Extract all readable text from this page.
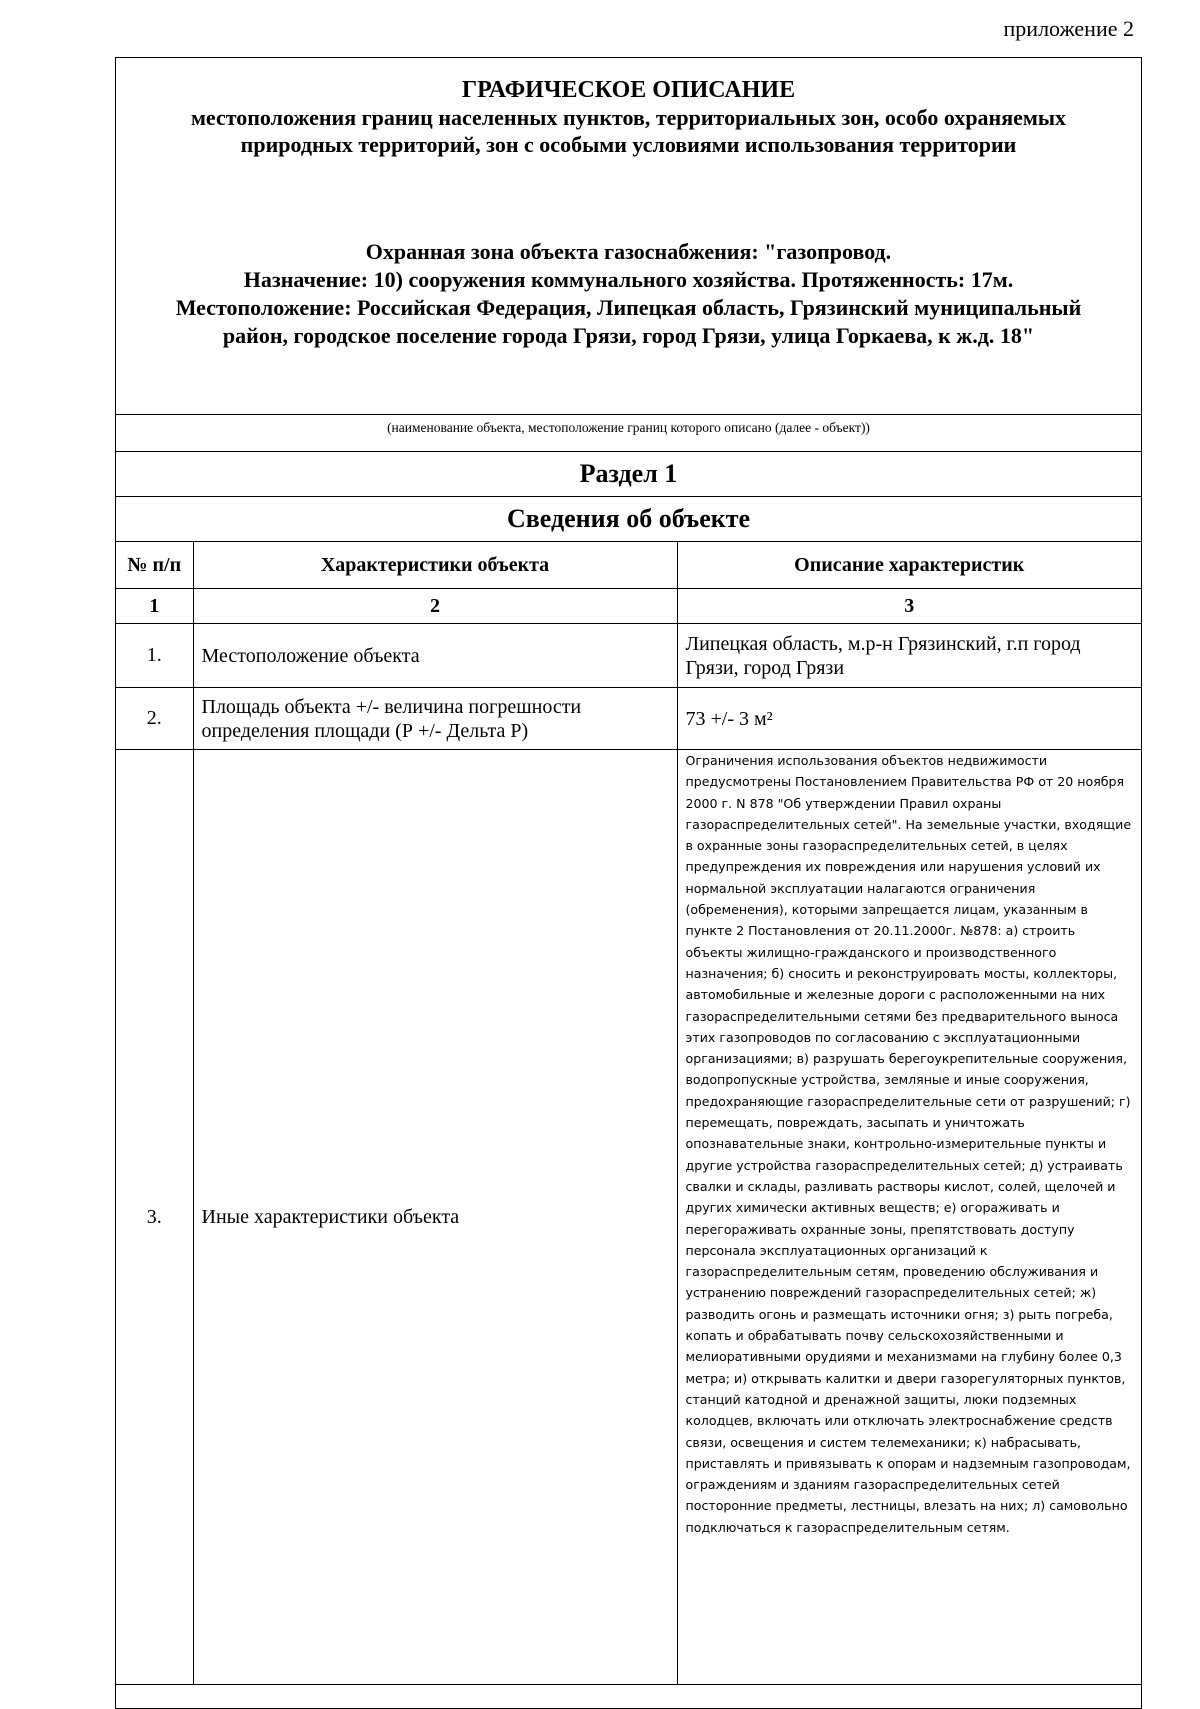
приложение 2
ГРАФИЧЕСКОЕ ОПИСАНИЕ
местоположения границ населенных пунктов, территориальных зон, особо охраняемых природных территорий, зон с особыми условиями использования территории
Охранная зона объекта газоснабжения: "газопровод.
Назначение: 10) сооружения коммунального хозяйства. Протяженность: 17м.
Местоположение: Российская Федерация, Липецкая область, Грязинский муниципальный
район, городское поселение города Грязи, город Грязи, улица Горкаева, к ж.д. 18"
(наименование объекта, местоположение границ которого описано (далее - объект))
Раздел 1
Сведения об объекте
№ п/п	Характеристики объекта	Описание характеристик
1	2	3
1.	Местоположение объекта	Липецкая область, м.р-н Грязинский, г.п город Грязи, город Грязи
2.	Площадь объекта +/- величина погрешности определения площади (Р +/- Дельта Р)	73 +/- 3 м²
3.	Иные характеристики объекта	Ограничения использования объектов недвижимости предусмотрены Постановлением Правительства РФ от 20 ноября 2000 г. N 878 "Об утверждении Правил охраны газораспределительных сетей". На земельные участки, входящие в охранные зоны газораспределительных сетей, в целях предупреждения их повреждения или нарушения условий их нормальной эксплуатации налагаются ограничения (обременения), которыми запрещается лицам, указанным в пункте 2 Постановления от 20.11.2000г. №878: а) строить объекты жилищно-гражданского и производственного назначения; б) сносить и реконструировать мосты, коллекторы, автомобильные и железные дороги с расположенными на них газораспределительными сетями без предварительного выноса этих газопроводов по согласованию с эксплуатационными организациями; в) разрушать берегоукрепительные сооружения, водопропускные устройства, земляные и иные сооружения, предохраняющие газораспределительные сети от разрушений; г) перемещать, повреждать, засыпать и уничтожать опознавательные знаки, контрольно-измерительные пункты и другие устройства газораспределительных сетей; д) устраивать свалки и склады, разливать растворы кислот, солей, щелочей и других химически активных веществ; е) огораживать и перегораживать охранные зоны, препятствовать доступу персонала эксплуатационных организаций к газораспределительным сетям, проведению обслуживания и устранению повреждений газораспределительных сетей; ж) разводить огонь и размещать источники огня; з) рыть погреба, копать и обрабатывать почву сельскохозяйственными и мелиоративными орудиями и механизмами на глубину более 0,3 метра; и) открывать калитки и двери газорегуляторных пунктов, станций катодной и дренажной защиты, люки подземных колодцев, включать или отключать электроснабжение средств связи, освещения и систем телемеханики; к) набрасывать, приставлять и привязывать к опорам и надземным газопроводам, ограждениям и зданиям газораспределительных сетей посторонние предметы, лестницы, влезать на них; л) самовольно подключаться к газораспределительным сетям.
